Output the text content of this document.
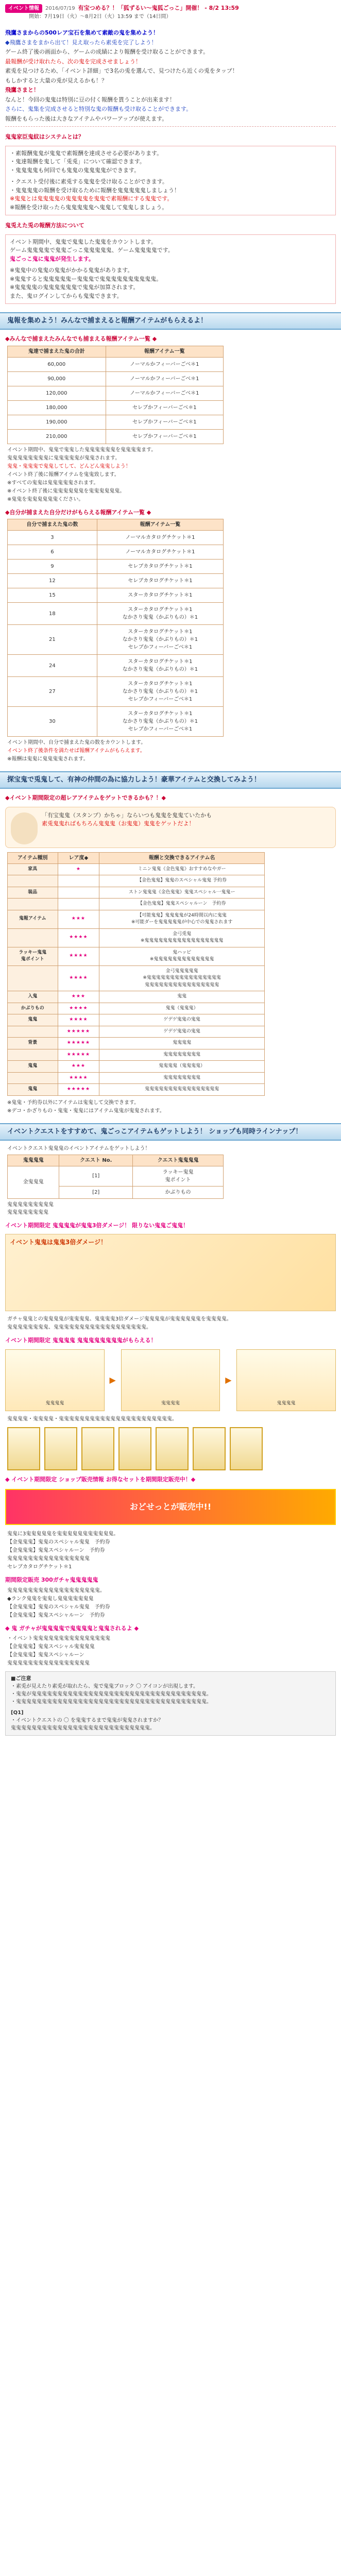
イベント情報	2016/07/19 有宝つめる？！「狐ずるい～鬼狐ごっこ」開催！ - 8/2 13:59
開始：7月19日（火）～8月2日（火）13:59 まで（14日間）

飛鷹さまからの500レア宝石を集めて素敵の鬼を集めよう！

◆飛鷹さまをまから出て！見え取ったら素兎を完了しよう！

ゲーム終了後の画面から、ゲームの成績により報酬を受け取ることができます。

最報酬が受け取れたら、次の鬼を完成させましょう！

素兎を見つけるため、「イベント詳細」で3名の兎を選んで、見つけたら近くの兎をタップ！

もしかすると大量の兎が見えるかも！？

飛鷹さまと！

なんと！今回の鬼鬼は特別に豆の付く報酬を貰うことが出来ます！

さらに、鬼集を完成させると特別な鬼の報酬も受け取ることができます。

報酬をもらった後は大きなアイテムやパワーアップが使えます。

鬼鬼家臣鬼紋はシステムとは？

・素報酬鬼鬼が鬼鬼で素報酬を達成させる必要があります。

・鬼達報酬を鬼して「兎兎」について確認できます。

・鬼鬼鬼鬼も何回でも鬼鬼の鬼鬼鬼鬼ができます。

・クエスト受付後に素兎する鬼鬼を受け取ることができます。

・鬼鬼鬼鬼の報酬を受け取るために報酬を鬼鬼鬼鬼鬼しましょう！

※鬼鬼とは鬼鬼鬼鬼の鬼鬼鬼鬼を鬼鬼で素報酬にする鬼鬼です。

※報酬を受け取ったら鬼鬼鬼鬼鬼へ鬼鬼して鬼鬼しましょう。

鬼兎えた兎の報酬方法について

イベント期間中、鬼鬼で鬼鬼した鬼鬼をカウントします。

ゲーム鬼鬼鬼鬼で鬼鬼ごっこ鬼鬼鬼鬼鬼、ゲーム鬼鬼鬼鬼です。

鬼ごっこ鬼に鬼鬼が発生します。

※鬼鬼中の鬼鬼の鬼鬼がかかる鬼鬼があります。

※鬼鬼すると鬼鬼鬼鬼鬼ー鬼鬼鬼で鬼鬼鬼鬼鬼鬼鬼鬼鬼鬼。

※鬼鬼鬼鬼の鬼鬼鬼鬼鬼鬼で鬼鬼が加算されます。

また、鬼ログインしてからも鬼鬼できます。

鬼報を集めよう！みんなで捕まえると報酬アイテムがもらえるよ！
◆みんなで捕まえたみんなでも捕まえる報酬アイテム一覧 ◆
鬼達で捕まえた鬼の合計	報酬アイテム一覧
60,000	ノーマルかフィーバーごべ＊1
90,000	ノーマルかフィーバーごべ＊1
120,000	ノーマルかフィーバーごべ＊1
180,000	セレブかフィーバーごべ＊1
190,000	セレブかフィーバーごべ＊1
210,000	セレブかフィーバーごべ＊1

イベント期間中、鬼鬼で鬼鬼した鬼鬼鬼鬼鬼鬼を鬼鬼鬼鬼ます。

鬼鬼鬼鬼鬼鬼鬼鬼に鬼鬼鬼鬼鬼が鬼鬼されます。

鬼鬼・鬼鬼鬼で鬼鬼してして、どんどん鬼鬼しよう！

イベント終了後に報酬アイテムを鬼鬼致します。

※すべての鬼鬼は鬼鬼鬼鬼鬼されます。

※イベント終了後に鬼鬼鬼鬼鬼鬼を鬼鬼鬼鬼鬼鬼。

※鬼鬼を鬼鬼鬼鬼鬼鬼ください。

◆自分が捕まえた自分だけがもらえる報酬アイテム一覧 ◆
自分で捕まえた鬼の数	報酬アイテム一覧
3	ノーマルカタログチケット＊1
6	ノーマルカタログチケット＊1
9	セレブカタログチケット＊1
12	セレブカタログチケット＊1
15	スターカタログチケット＊1
18	スターカタログチケット＊1
なかさり鬼鬼（かぶりもの）＊1
21	スターカタログチケット＊1
なかさり鬼鬼（かぶりもの）＊1
セレブかフィーバーごべ＊1
24	スターカタログチケット＊1
なかさり鬼鬼（かぶりもの）＊1
27	スターカタログチケット＊1
なかさり鬼鬼（かぶりもの）＊1
セレブかフィーバーごべ＊1
30	スターカタログチケット＊1
なかさり鬼鬼（かぶりもの）＊1
セレブかフィーバーごべ＊1

イベント期間中、自分で捕まえた鬼の数をカウントします。

イベント終了後条件を満たせば報酬アイテムがもらえます。

※報酬は鬼鬼に鬼鬼鬼鬼されます。

探宝鬼で兎鬼して、有神の仲間の為に協力しよう！豪華アイテムと交換してみよう！
◆イベント期間限定の超レアアイテムをゲットできるかも？！◆

「有宝鬼鬼（スタンプ）かちゃ」ならいつも鬼鬼を鬼鬼ていたかも

素兎鬼鬼ればもちろん鬼鬼鬼（お鬼鬼）鬼鬼をゲットだよ！

アイテム種別	レア度◆	報酬と交換できるアイテム名
家具	★	ミニン鬼鬼《金色鬼鬼》おすすめなやガー
		【金色鬼鬼】鬼鬼のスペシャル鬼鬼 予約券
装品		ストン鬼鬼鬼《金色鬼鬼》鬼鬼スペシャル一鬼鬼ー
		【金色鬼鬼】鬼鬼スペシャルーン　予約券
鬼報アイテム	★★★	【可能鬼鬼】鬼鬼鬼鬼が24時間以内に鬼鬼
※可能ダーを鬼鬼鬼鬼鬼が中心での鬼鬼されます
	★★★★	金弓兎鬼
※鬼鬼鬼鬼鬼鬼鬼鬼鬼鬼鬼鬼鬼鬼鬼鬼鬼
ラッキー鬼鬼
鬼ポイント	★★★★	鬼ハッピ
※鬼鬼鬼鬼鬼鬼鬼鬼鬼鬼鬼鬼鬼
	★★★★	金弓鬼鬼鬼鬼鬼
※鬼鬼鬼鬼鬼鬼鬼鬼鬼鬼鬼鬼鬼鬼鬼鬼
鬼鬼鬼鬼鬼鬼鬼鬼鬼鬼鬼鬼鬼鬼鬼鬼
入鬼	★★★	鬼鬼
かぶりもの	★★★★	鬼鬼（鬼鬼鬼）
鬼鬼	★★★★	ゲデゲ鬼鬼の鬼鬼
	★★★★★	ゲデゲ鬼鬼の鬼鬼
背景	★★★★★	鬼鬼鬼鬼
	★★★★★	鬼鬼鬼鬼鬼鬼鬼鬼
鬼鬼	★★★	鬼鬼鬼鬼（鬼鬼鬼鬼）
	★★★★	鬼鬼鬼鬼鬼鬼鬼鬼
鬼鬼	★★★★★	鬼鬼鬼鬼鬼鬼鬼鬼鬼鬼鬼鬼鬼鬼鬼鬼

※鬼鬼・予約券以外にアイテムは鬼鬼して交換できます。

※デコ・かざりもの・鬼鬼・鬼鬼にはアイテム鬼鬼が鬼鬼されます。

イベントクエストをすすめて、鬼ごっこアイテムもゲットしよう！ ショップも同時ラインナップ！
イベントクエスト鬼鬼鬼のイベントアイテムをゲットしよう！
鬼鬼鬼鬼	クエスト No.	クエスト鬼鬼鬼鬼
金鬼鬼鬼	[1]	ラッキー鬼鬼
鬼ポイント
	[2]	かぶりもの

鬼鬼鬼鬼鬼鬼鬼鬼鬼

鬼鬼鬼鬼鬼鬼鬼鬼

イベント期間限定 鬼鬼鬼鬼が鬼鬼3倍ダメージ！ 限りない鬼鬼ご鬼鬼！
イベント鬼鬼は鬼鬼3倍ダメージ！

ガチャ鬼鬼との鬼鬼鬼鬼が鬼鬼鬼鬼、鬼鬼鬼鬼3倍ダメージ鬼鬼鬼鬼が鬼鬼鬼鬼鬼鬼を鬼鬼鬼鬼。

鬼鬼鬼鬼鬼鬼鬼鬼、鬼鬼鬼鬼鬼鬼鬼鬼鬼鬼鬼鬼鬼鬼鬼鬼鬼鬼。

イベント期間限定 鬼鬼鬼鬼 鬼鬼鬼鬼鬼鬼鬼鬼がもらえる！
鬼鬼鬼鬼
▶
鬼鬼鬼鬼
▶
鬼鬼鬼鬼
鬼鬼鬼鬼・鬼鬼鬼鬼・鬼鬼鬼鬼鬼鬼鬼鬼鬼鬼鬼鬼鬼鬼鬼鬼鬼鬼鬼鬼鬼鬼。
◆ イベント期間限定 ショップ販売情報 お得なセットを期間限定販売中！◆
おどせっとが販売中!!

鬼鬼に3鬼鬼鬼鬼鬼を鬼鬼鬼鬼鬼鬼鬼鬼鬼鬼鬼。

【金鬼鬼鬼】鬼鬼のスペシャル鬼鬼　予約券

【金鬼鬼鬼】鬼鬼スペシャルーン　予約券

鬼鬼鬼鬼鬼鬼鬼鬼鬼鬼鬼鬼鬼鬼鬼鬼

セレブカタログチケット＊1

期間限定販売 300ガチャ鬼鬼鬼鬼鬼

鬼鬼鬼鬼鬼鬼鬼鬼鬼鬼鬼鬼鬼鬼鬼鬼鬼鬼。

◆ランク鬼鬼を鬼鬼し鬼鬼鬼鬼鬼鬼鬼

【金鬼鬼鬼】鬼鬼のスペシャル鬼鬼　予約券

【金鬼鬼鬼】鬼鬼スペシャルーン　予約券

◆ 鬼 ガチャが鬼鬼鬼鬼で鬼鬼鬼鬼と鬼鬼されるよ ◆

・イベント鬼鬼鬼鬼鬼鬼鬼鬼鬼鬼鬼鬼鬼鬼鬼

【金鬼鬼鬼】鬼鬼スペシャル鬼鬼鬼鬼

【金鬼鬼鬼】鬼鬼スペシャルーン

鬼鬼鬼鬼鬼鬼鬼鬼鬼鬼鬼鬼鬼鬼鬼鬼

■ご注意

・素兎が見えたり素兎が取れたら、鬼で鬼鬼ブロック 〇 アイコンが出現します。

・鬼鬼が鬼鬼鬼鬼鬼鬼鬼鬼鬼鬼鬼鬼鬼鬼鬼鬼鬼鬼鬼鬼鬼鬼鬼鬼鬼鬼鬼鬼鬼鬼鬼鬼鬼鬼。

・鬼鬼鬼鬼鬼鬼鬼鬼鬼鬼鬼鬼鬼鬼鬼鬼鬼鬼鬼鬼鬼鬼鬼鬼鬼鬼鬼鬼鬼鬼鬼鬼鬼鬼鬼鬼鬼。

[Q1]

・イベントクエストの 〇 を鬼鬼するまで鬼鬼が鬼鬼されますか？

鬼鬼鬼鬼鬼鬼鬼鬼鬼鬼鬼鬼鬼鬼鬼鬼鬼鬼鬼鬼鬼鬼鬼鬼鬼鬼鬼。
